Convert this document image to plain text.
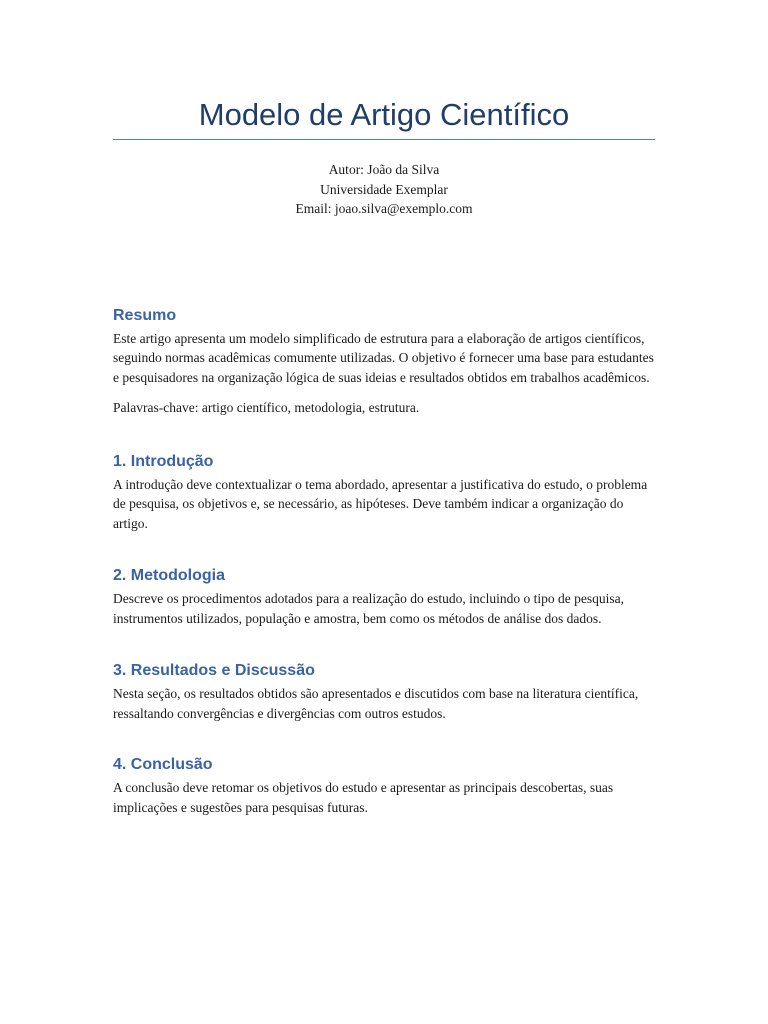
Modelo de Artigo Científico
Autor: João da Silva
Universidade Exemplar
Email: joao.silva@exemplo.com
Resumo

Este artigo apresenta um modelo simplificado de estrutura para a elaboração de artigos científicos, seguindo normas acadêmicas comumente utilizadas. O objetivo é fornecer uma base para estudantes e pesquisadores na organização lógica de suas ideias e resultados obtidos em trabalhos acadêmicos.

Palavras-chave: artigo científico, metodologia, estrutura.

1. Introdução

A introdução deve contextualizar o tema abordado, apresentar a justificativa do estudo, o problema de pesquisa, os objetivos e, se necessário, as hipóteses. Deve também indicar a organização do artigo.

2. Metodologia

Descreve os procedimentos adotados para a realização do estudo, incluindo o tipo de pesquisa, instrumentos utilizados, população e amostra, bem como os métodos de análise dos dados.

3. Resultados e Discussão

Nesta seção, os resultados obtidos são apresentados e discutidos com base na literatura científica, ressaltando convergências e divergências com outros estudos.

4. Conclusão

A conclusão deve retomar os objetivos do estudo e apresentar as principais descobertas, suas implicações e sugestões para pesquisas futuras.
